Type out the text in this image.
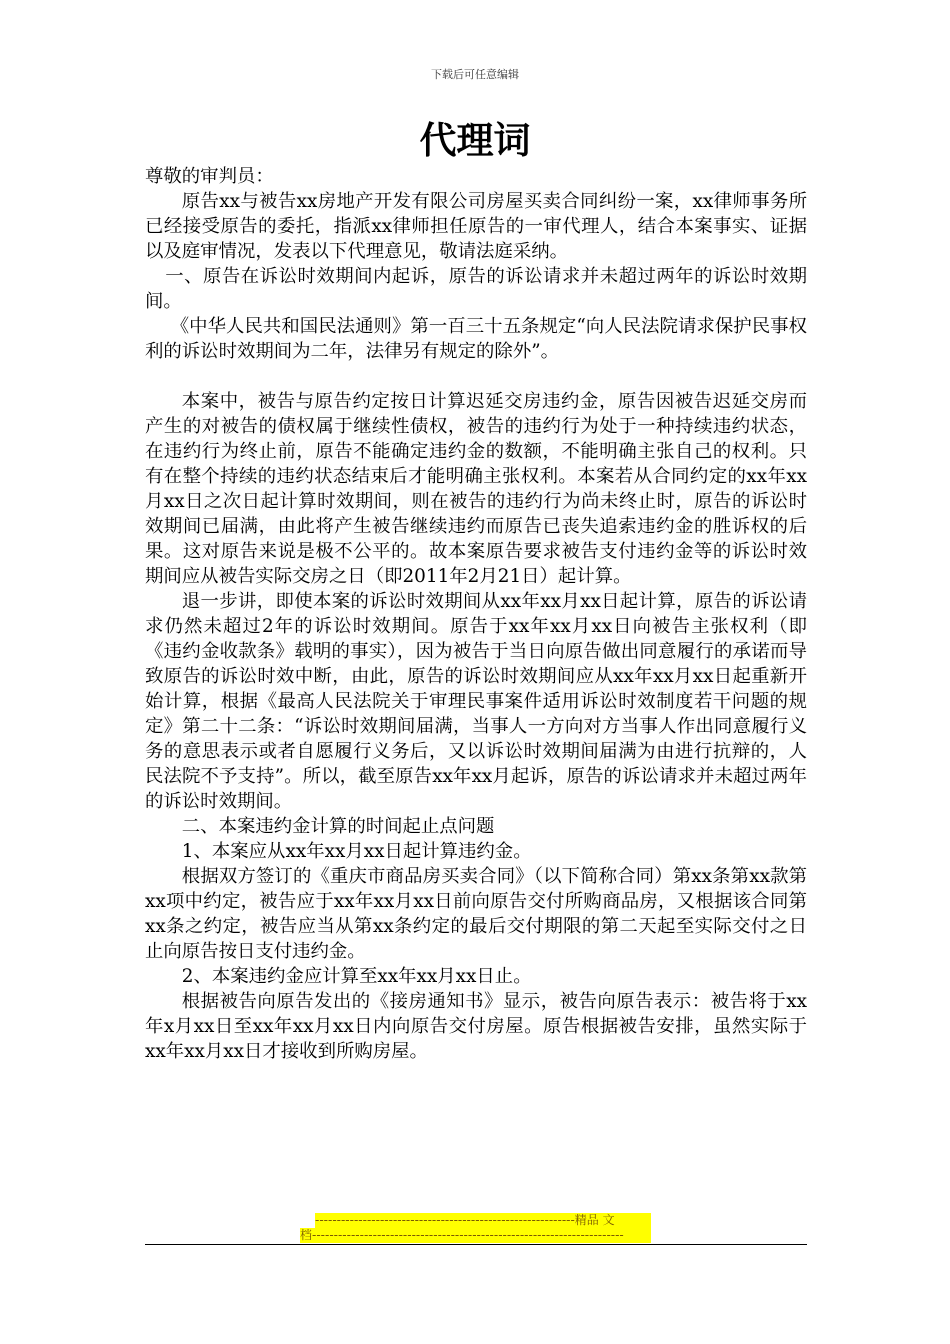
下载后可任意编辑
代理词

尊敬的审判员：

原告xx与被告xx房地产开发有限公司房屋买卖合同纠纷一案，xx律师事务所已经接受原告的委托，指派xx律师担任原告的一审代理人，结合本案事实、证据以及庭审情况，发表以下代理意见，敬请法庭采纳。

一、原告在诉讼时效期间内起诉，原告的诉讼请求并未超过两年的诉讼时效期间。

《中华人民共和国民法通则》第一百三十五条规定“向人民法院请求保护民事权利的诉讼时效期间为二年，法律另有规定的除外”。

本案中，被告与原告约定按日计算迟延交房违约金，原告因被告迟延交房而产生的对被告的债权属于继续性债权，被告的违约行为处于一种持续违约状态，在违约行为终止前，原告不能确定违约金的数额，不能明确主张自己的权利。只有在整个持续的违约状态结束后才能明确主张权利。本案若从合同约定的xx年xx月xx日之次日起计算时效期间，则在被告的违约行为尚未终止时，原告的诉讼时效期间已届满，由此将产生被告继续违约而原告已丧失追索违约金的胜诉权的后果。这对原告来说是极不公平的。故本案原告要求被告支付违约金等的诉讼时效期间应从被告实际交房之日（即2011年2月21日）起计算。

退一步讲，即使本案的诉讼时效期间从xx年xx月xx日起计算，原告的诉讼请求仍然未超过2年的诉讼时效期间。原告于xx年xx月xx日向被告主张权利（即《违约金收款条》载明的事实），因为被告于当日向原告做出同意履行的承诺而导致原告的诉讼时效中断，由此，原告的诉讼时效期间应从xx年xx月xx日起重新开始计算，根据《最高人民法院关于审理民事案件适用诉讼时效制度若干问题的规定》第二十二条：“诉讼时效期间届满，当事人一方向对方当事人作出同意履行义务的意思表示或者自愿履行义务后，又以诉讼时效期间届满为由进行抗辩的，人民法院不予支持”。所以，截至原告xx年xx月起诉，原告的诉讼请求并未超过两年的诉讼时效期间。

二、本案违约金计算的时间起止点问题

1、本案应从xx年xx月xx日起计算违约金。

根据双方签订的《重庆市商品房买卖合同》（以下简称合同）第xx条第xx款第xx项中约定，被告应于xx年xx月xx日前向原告交付所购商品房，又根据该合同第xx条之约定，被告应当从第xx条约定的最后交付期限的第二天起至实际交付之日止向原告按日支付违约金。

2、本案违约金应计算至xx年xx月xx日止。

根据被告向原告发出的《接房通知书》显示，被告向原告表示：被告将于xx年x月xx日至xx年xx月xx日内向原告交付房屋。原告根据被告安排，虽然实际于xx年xx月xx日才接收到所购房屋。

------------------------------------------------------------精品 文
档------------------------------------------------------------------------
